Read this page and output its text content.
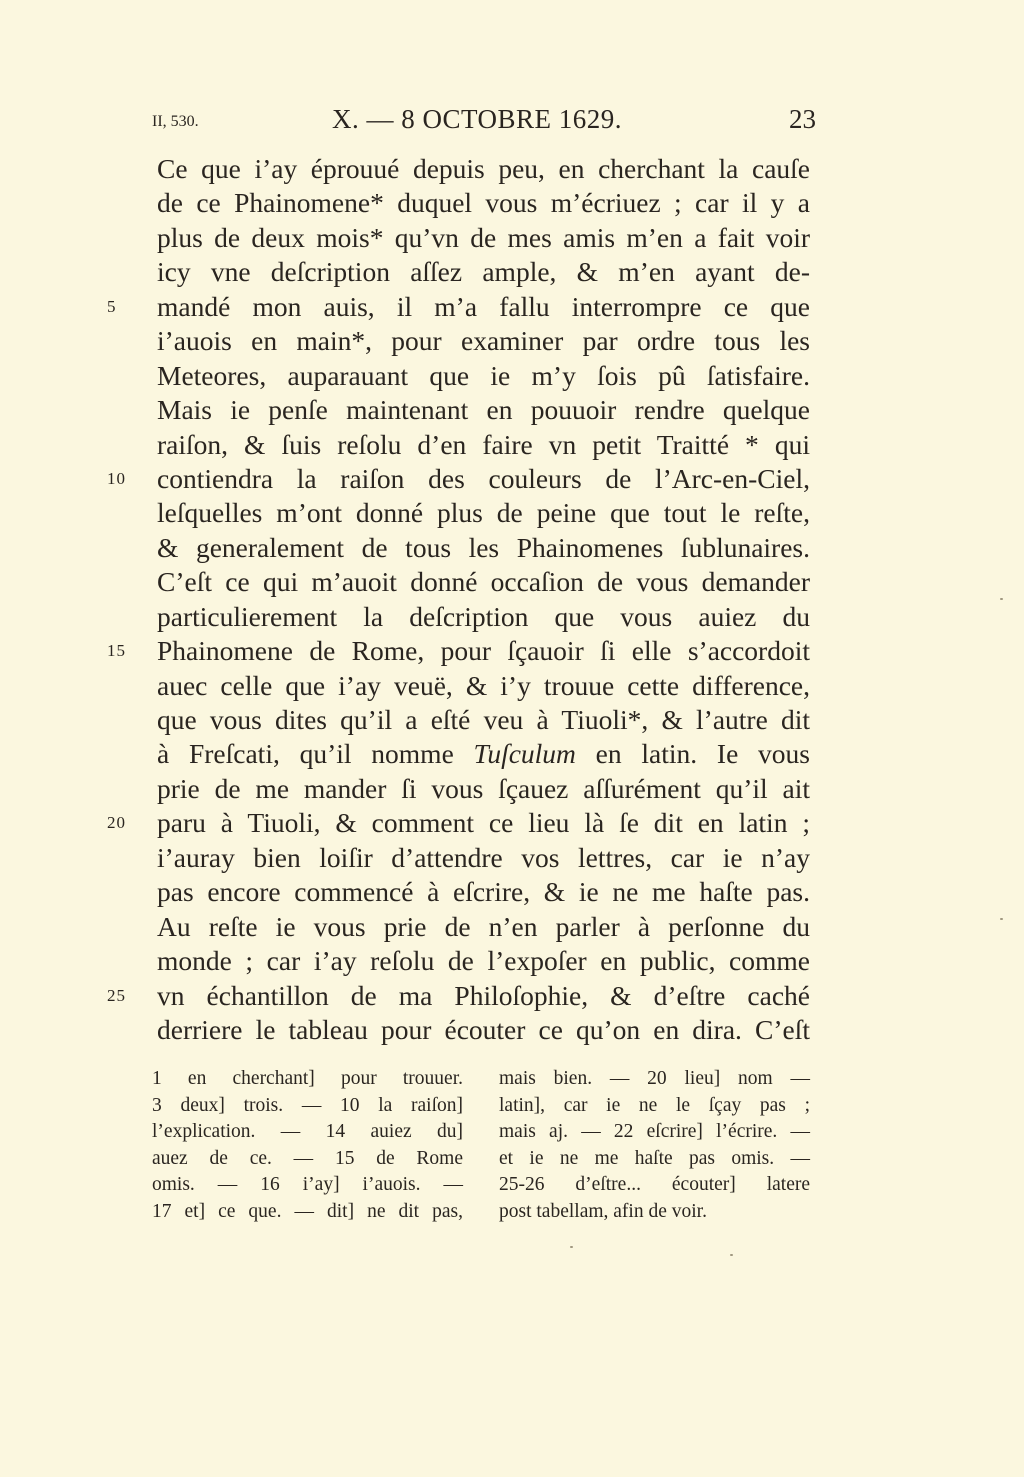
II, 530.	X. — 8 OCTOBRE 1629.	23
Ce que i’ay éprouué depuis peu, en cherchant la cauſe
de ce Phainomene* duquel vous m’écriuez ; car il y a
plus de deux mois* qu’vn de mes amis m’en a fait voir
icy vne deſcription aſſez ample, & m’en ayant de-
5	mandé mon auis, il m’a fallu interrompre ce que
i’auois en main*, pour examiner par ordre tous les
Meteores, auparauant que ie m’y ſois pû ſatisfaire.
Mais ie penſe maintenant en pouuoir rendre quelque
raiſon, & ſuis reſolu d’en faire vn petit Traitté * qui
10 contiendra la raiſon des couleurs de l’Arc-en-Ciel,
leſquelles m’ont donné plus de peine que tout le reſte,
& generalement de tous les Phainomenes ſublunaires.
C’eſt ce qui m’auoit donné occaſion de vous demander
particulierement la deſcription que vous auiez du
15 Phainomene de Rome, pour ſçauoir ſi elle s’accordoit
auec celle que i’ay veuë, & i’y trouue cette difference,
que vous dites qu’il a eſté veu à Tiuoli*, & l’autre dit
à Freſcati, qu’il nomme Tuſculum en latin. Ie vous
prie de me mander ſi vous ſçauez aſſurément qu’il ait
20 paru à Tiuoli, & comment ce lieu là ſe dit en latin ;
i’auray bien loiſir d’attendre vos lettres, car ie n’ay
pas encore commencé à eſcrire, & ie ne me haſte pas.
Au reſte ie vous prie de n’en parler à perſonne du
monde ; car i’ay reſolu de l’expoſer en public, comme
25 vn échantillon de ma Philoſophie, & d’eſtre caché
derriere le tableau pour écouter ce qu’on en dira. C’eſt
1 en cherchant] pour trouuer.
3 deux] trois. — 10 la raiſon]
l’explication. — 14 auiez du]
auez de ce. — 15 de Rome
omis. — 16 i’ay] i’auois. —
17 et] ce que. — dit] ne dit pas,
mais bien. — 20 lieu] nom —
latin], car ie ne le ſçay pas ;
mais aj. — 22 eſcrire] l’écrire. —
et ie ne me haſte pas omis. —
25-26 d’eſtre... écouter] latere
post tabellam, afin de voir.
